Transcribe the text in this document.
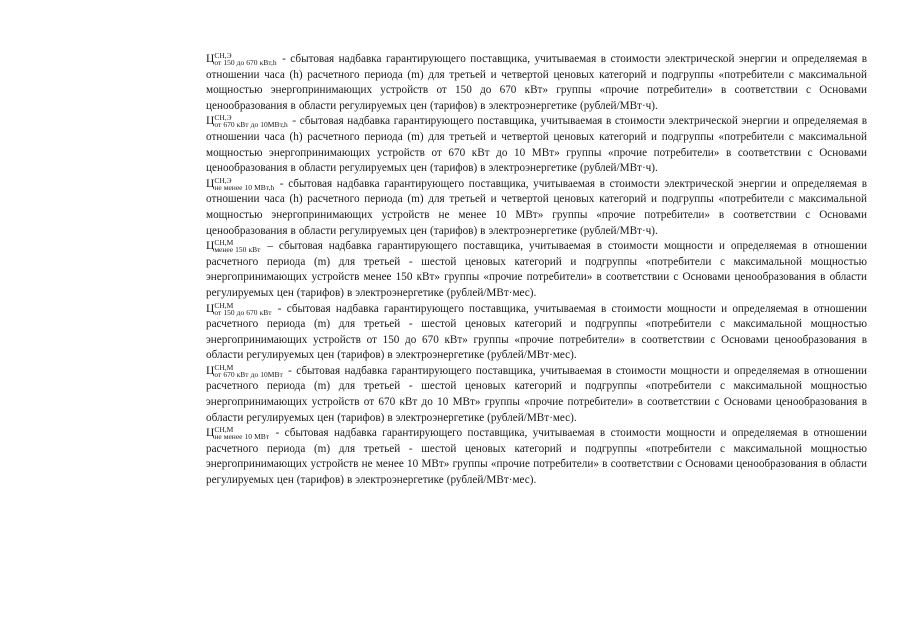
Ц СН,Э
от 150 до 670 кВт,h - сбытовая надбавка гарантирующего поставщика, учитываемая в стоимости электрической энергии и определяемая в отношении часа (h) расчетного периода (m) для третьей и четвертой ценовых категорий и подгруппы «потребители с максимальной мощностью энергопринимающих устройств от 150 до 670 кВт» группы «прочие потребители» в соответствии с Основами ценообразования в области регулируемых цен (тарифов) в электроэнергетике (рублей/МВт·ч).

Ц СН,Э
от 670 кВт до 10МВт,h - сбытовая надбавка гарантирующего поставщика, учитываемая в стоимости электрической энергии и определяемая в отношении часа (h) расчетного периода (m) для третьей и четвертой ценовых категорий и подгруппы «потребители с максимальной мощностью энергопринимающих устройств от 670 кВт до 10 МВт» группы «прочие потребители» в соответствии с Основами ценообразования в области регулируемых цен (тарифов) в электроэнергетике (рублей/МВт·ч).

Ц СН,Э
не менее 10 МВт,h - сбытовая надбавка гарантирующего поставщика, учитываемая в стоимости электрической энергии и определяемая в отношении часа (h) расчетного периода (m) для третьей и четвертой ценовых категорий и подгруппы «потребители с максимальной мощностью энергопринимающих устройств не менее 10 МВт» группы «прочие потребители» в соответствии с Основами ценообразования в области регулируемых цен (тарифов) в электроэнергетике (рублей/МВт·ч).

Ц СН,М
менее 150 кВт – сбытовая надбавка гарантирующего поставщика, учитываемая в стоимости мощности и определяемая в отношении расчетного периода (m) для третьей - шестой ценовых категорий и подгруппы «потребители с максимальной мощностью энергопринимающих устройств менее 150 кВт» группы «прочие потребители» в соответствии с Основами ценообразования в области регулируемых цен (тарифов) в электроэнергетике (рублей/МВт·мес).

Ц СН,М
от 150 до 670 кВт - сбытовая надбавка гарантирующего поставщика, учитываемая в стоимости мощности и определяемая в отношении расчетного периода (m) для третьей - шестой ценовых категорий и подгруппы «потребители с максимальной мощностью энергопринимающих устройств от 150 до 670 кВт» группы «прочие потребители» в соответствии с Основами ценообразования в области регулируемых цен (тарифов) в электроэнергетике (рублей/МВт·мес).

Ц СН,М
от 670 кВт до 10МВт - сбытовая надбавка гарантирующего поставщика, учитываемая в стоимости мощности и определяемая в отношении расчетного периода (m) для третьей - шестой ценовых категорий и подгруппы «потребители с максимальной мощностью энергопринимающих устройств от 670 кВт до 10 МВт» группы «прочие потребители» в соответствии с Основами ценообразования в области регулируемых цен (тарифов) в электроэнергетике (рублей/МВт·мес).

Ц СН,М
не менее 10 МВт - сбытовая надбавка гарантирующего поставщика, учитываемая в стоимости мощности и определяемая в отношении расчетного периода (m) для третьей - шестой ценовых категорий и подгруппы «потребители с максимальной мощностью энергопринимающих устройств не менее 10 МВт» группы «прочие потребители» в соответствии с Основами ценообразования в области регулируемых цен (тарифов) в электроэнергетике (рублей/МВт·мес).
